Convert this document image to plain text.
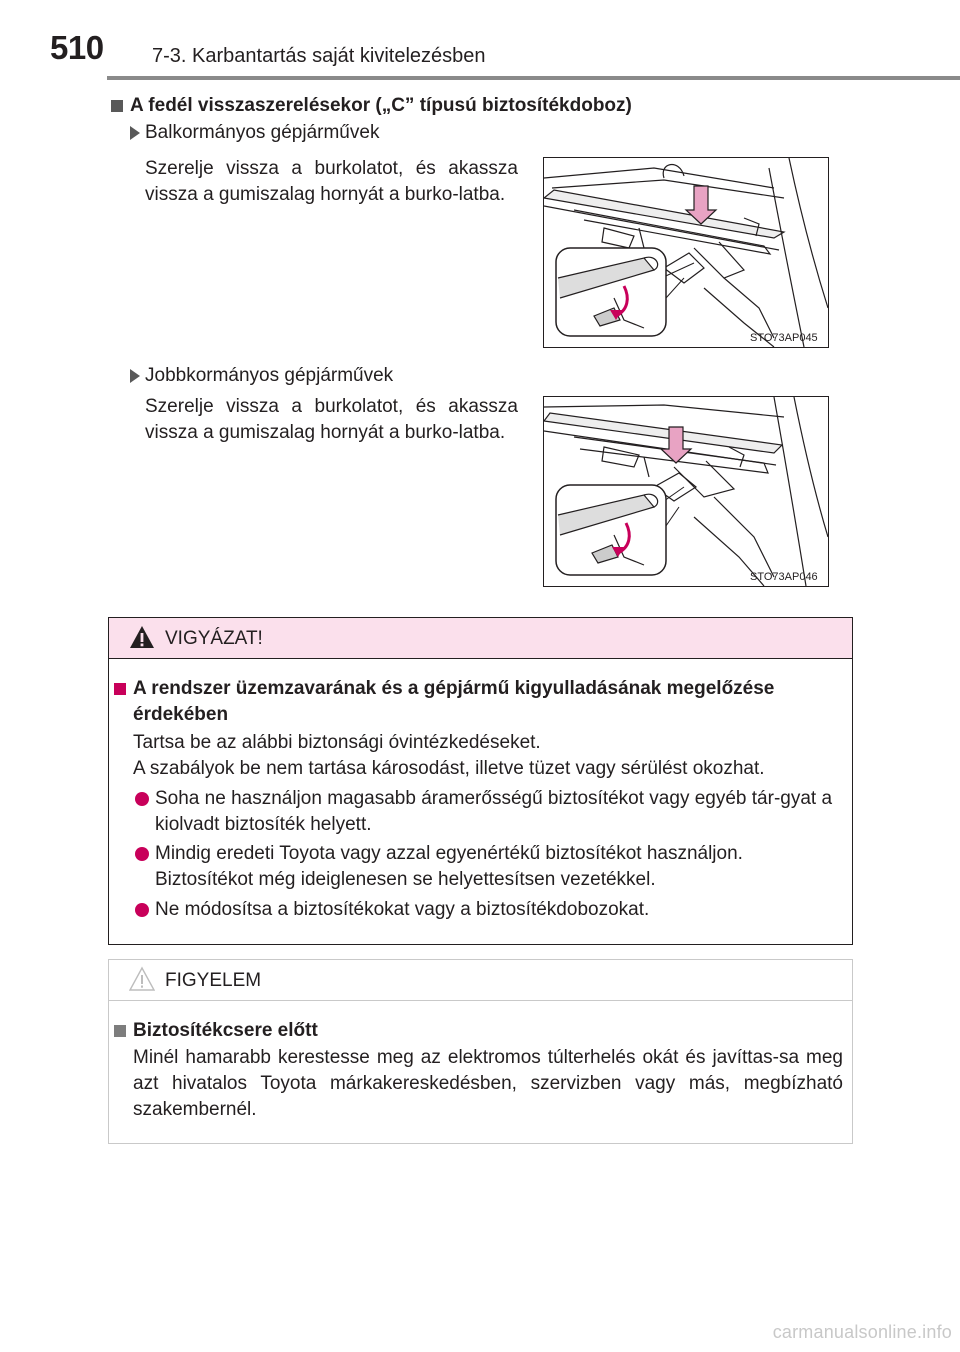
510 7-3. Karbantartás saját kivitelezésben
A fedél visszaszerelésekor („C” típusú biztosítékdoboz)
Balkormányos gépjárművek
Szerelje vissza a burkolatot, és akassza vissza a gumiszalag hornyát a burko-latba.
STO73AP045
Jobbkormányos gépjárművek
Szerelje vissza a burkolatot, és akassza vissza a gumiszalag hornyát a burko-latba.
STO73AP046
VIGYÁZAT!
A rendszer üzemzavarának és a gépjármű kigyulladásának megelőzése érdekében
Tartsa be az alábbi biztonsági óvintézkedéseket.
A szabályok be nem tartása károsodást, illetve tüzet vagy sérülést okozhat.
Soha ne használjon magasabb áramerősségű biztosítékot vagy egyéb tár-gyat a kiolvadt biztosíték helyett.
Mindig eredeti Toyota vagy azzal egyenértékű biztosítékot használjon. Biztosítékot még ideiglenesen se helyettesítsen vezetékkel.
Ne módosítsa a biztosítékokat vagy a biztosítékdobozokat.
FIGYELEM
Biztosítékcsere előtt
Minél hamarabb kerestesse meg az elektromos túlterhelés okát és javíttas-sa meg azt hivatalos Toyota márkakereskedésben, szervizben vagy más, megbízható szakembernél.
carmanualsonline.info
